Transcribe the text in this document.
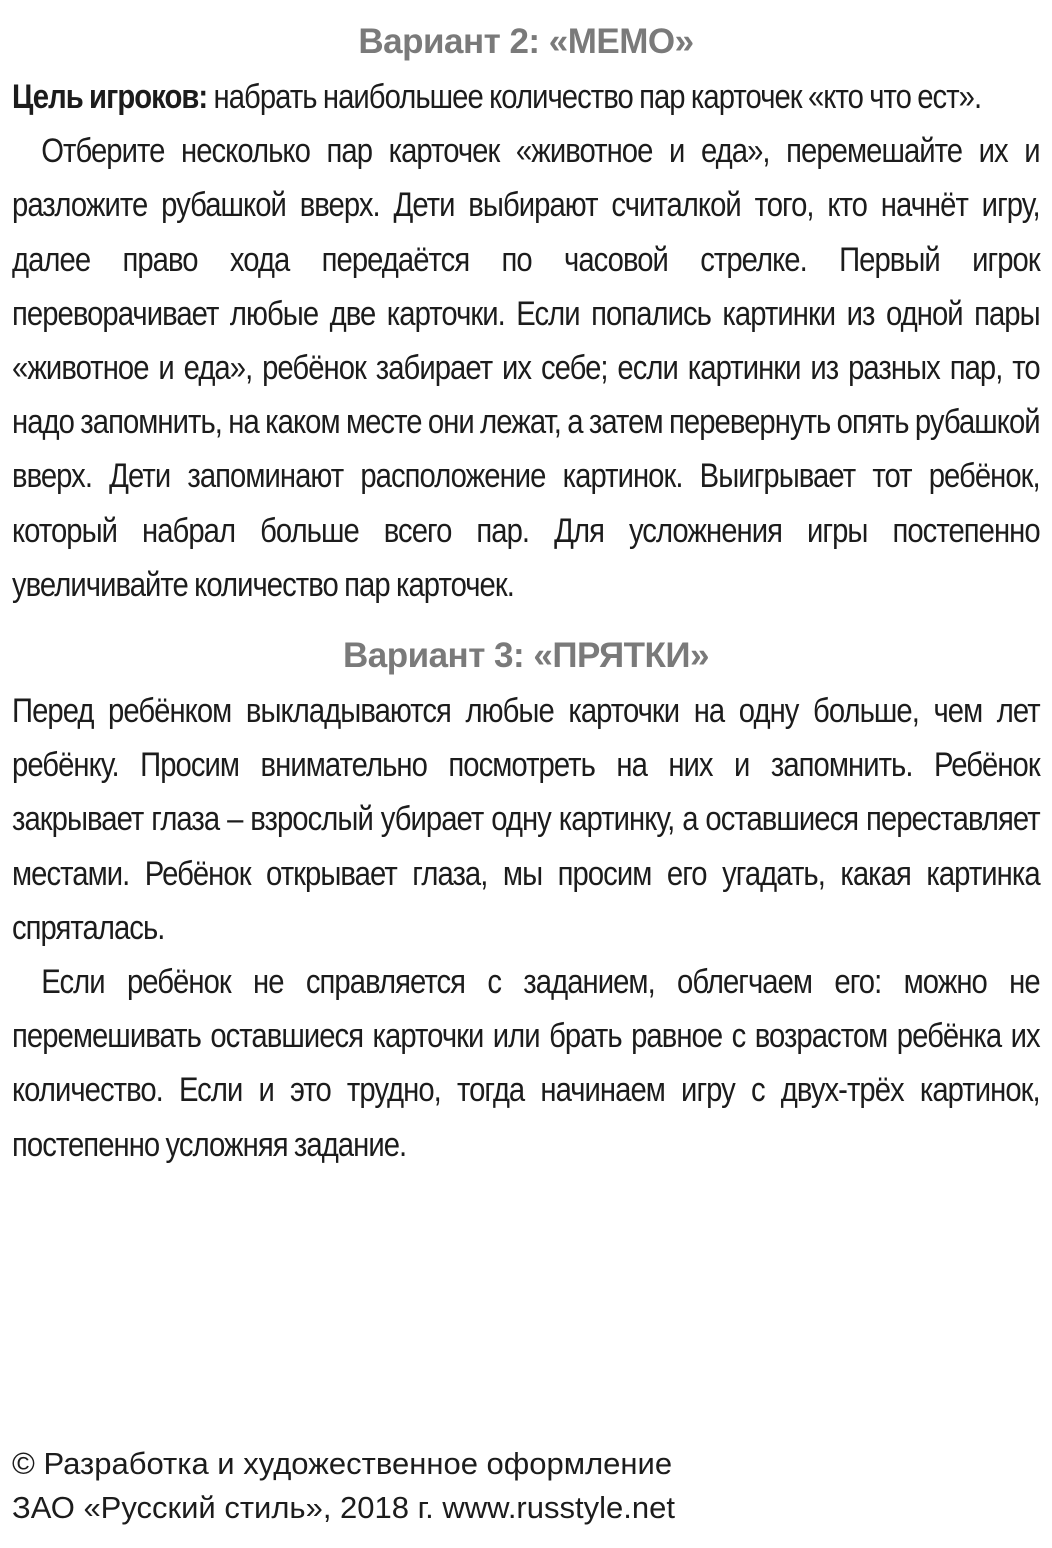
Вариант 2: «МЕМО»

Цель игроков: набрать наибольшее количество пар карточек «кто что ест».

Отберите несколько пар карточек «животное и еда», перемешайте их и разложите рубашкой вверх. Дети выбирают считалкой того, кто начнёт игру, далее право хода передаётся по часовой стрелке. Первый игрок переворачивает любые две карточки. Если попались картинки из одной пары «животное и еда», ребёнок забирает их себе; если картинки из разных пар, то надо запомнить, на каком месте они лежат, а затем перевернуть опять рубашкой вверх. Дети запоминают расположение картинок. Выигрывает тот ребёнок, который набрал больше всего пар. Для усложнения игры постепенно увеличивайте количество пар карточек.

Вариант 3: «ПРЯТКИ»

Перед ребёнком выкладываются любые карточки на одну больше, чем лет ребёнку. Просим внимательно посмотреть на них и запомнить. Ребёнок закрывает глаза – взрослый убирает одну картинку, а оставшиеся переставляет местами. Ребёнок открывает глаза, мы просим его угадать, какая картинка спряталась.

Если ребёнок не справляется с заданием, облегчаем его: можно не перемешивать оставшиеся карточки или брать равное с возрастом ребёнка их количество. Если и это трудно, тогда начинаем игру с двух-трёх картинок, постепенно усложняя задание.

© Разработка и художественное оформление
ЗАО «Русский стиль», 2018 г. www.russtyle.net
